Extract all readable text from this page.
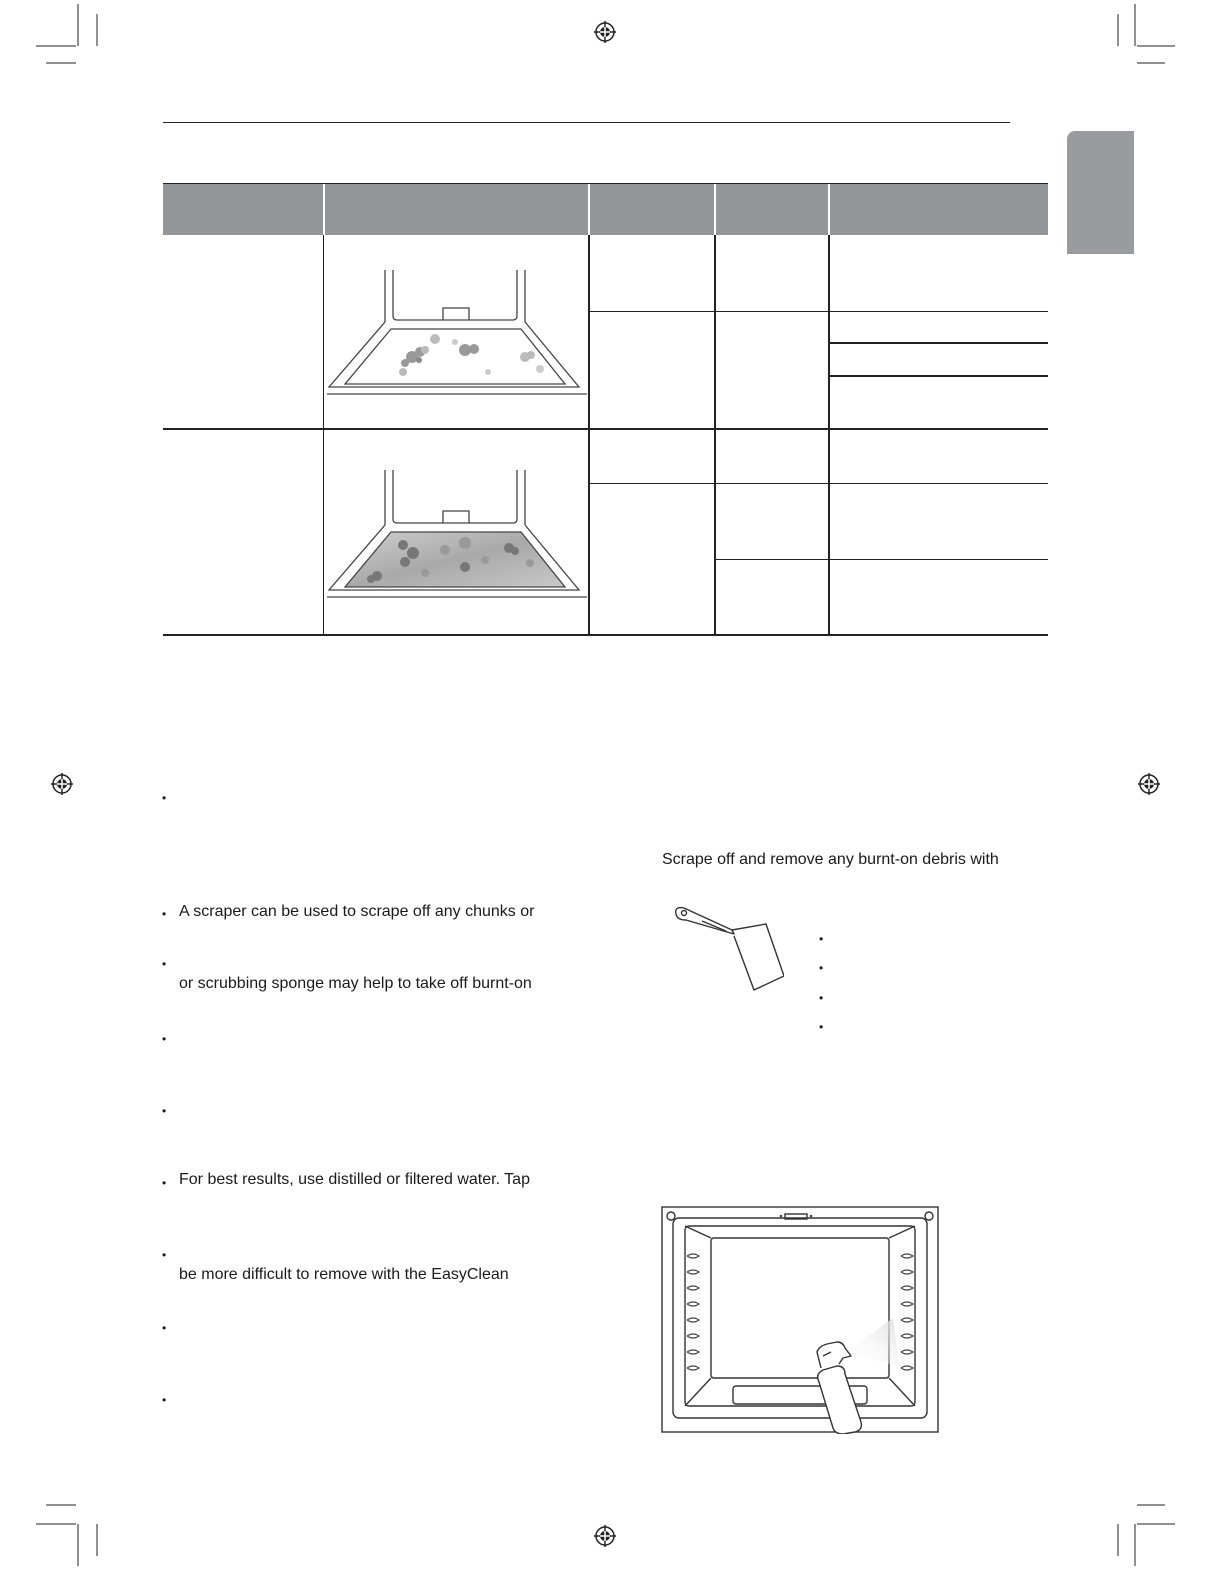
Scrape off and remove any burnt-on debris with
•
•
•
•
•
• A scraper can be used to scrape off any chunks or
•
or scrubbing sponge may help to take off burnt-on
•
•
• For best results, use distilled or filtered water. Tap
•
be more difficult to remove with the EasyClean
•
•
